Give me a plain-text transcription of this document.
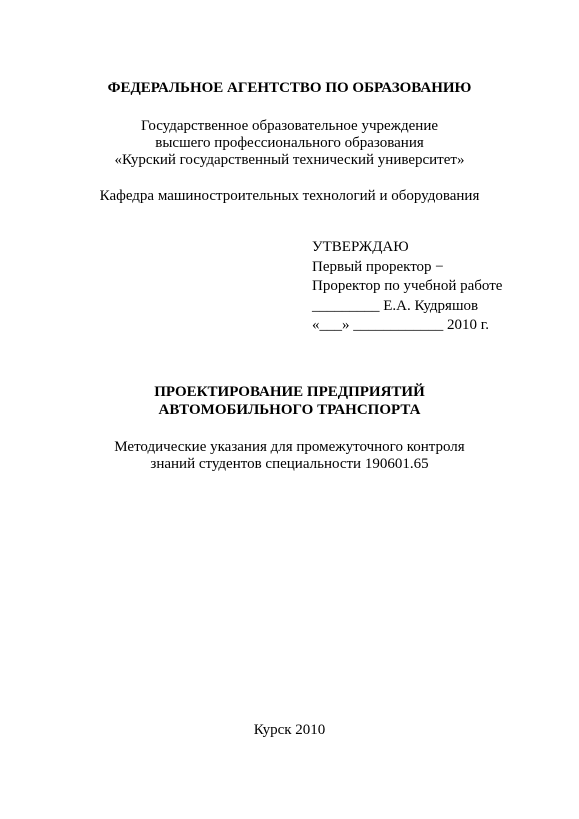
ФЕДЕРАЛЬНОЕ АГЕНТСТВО ПО ОБРАЗОВАНИЮ
Государственное образовательное учреждение
высшего профессионального образования
«Курский государственный технический университет»
Кафедра машиностроительных технологий и оборудования
УТВЕРЖДАЮ
Первый проректор −
Проректор по учебной работе
_________ Е.А. Кудряшов
«___» ____________ 2010 г.
ПРОЕКТИРОВАНИЕ ПРЕДПРИЯТИЙ
АВТОМОБИЛЬНОГО ТРАНСПОРТА
Методические указания для промежуточного контроля
знаний студентов специальности 190601.65
Курск 2010
